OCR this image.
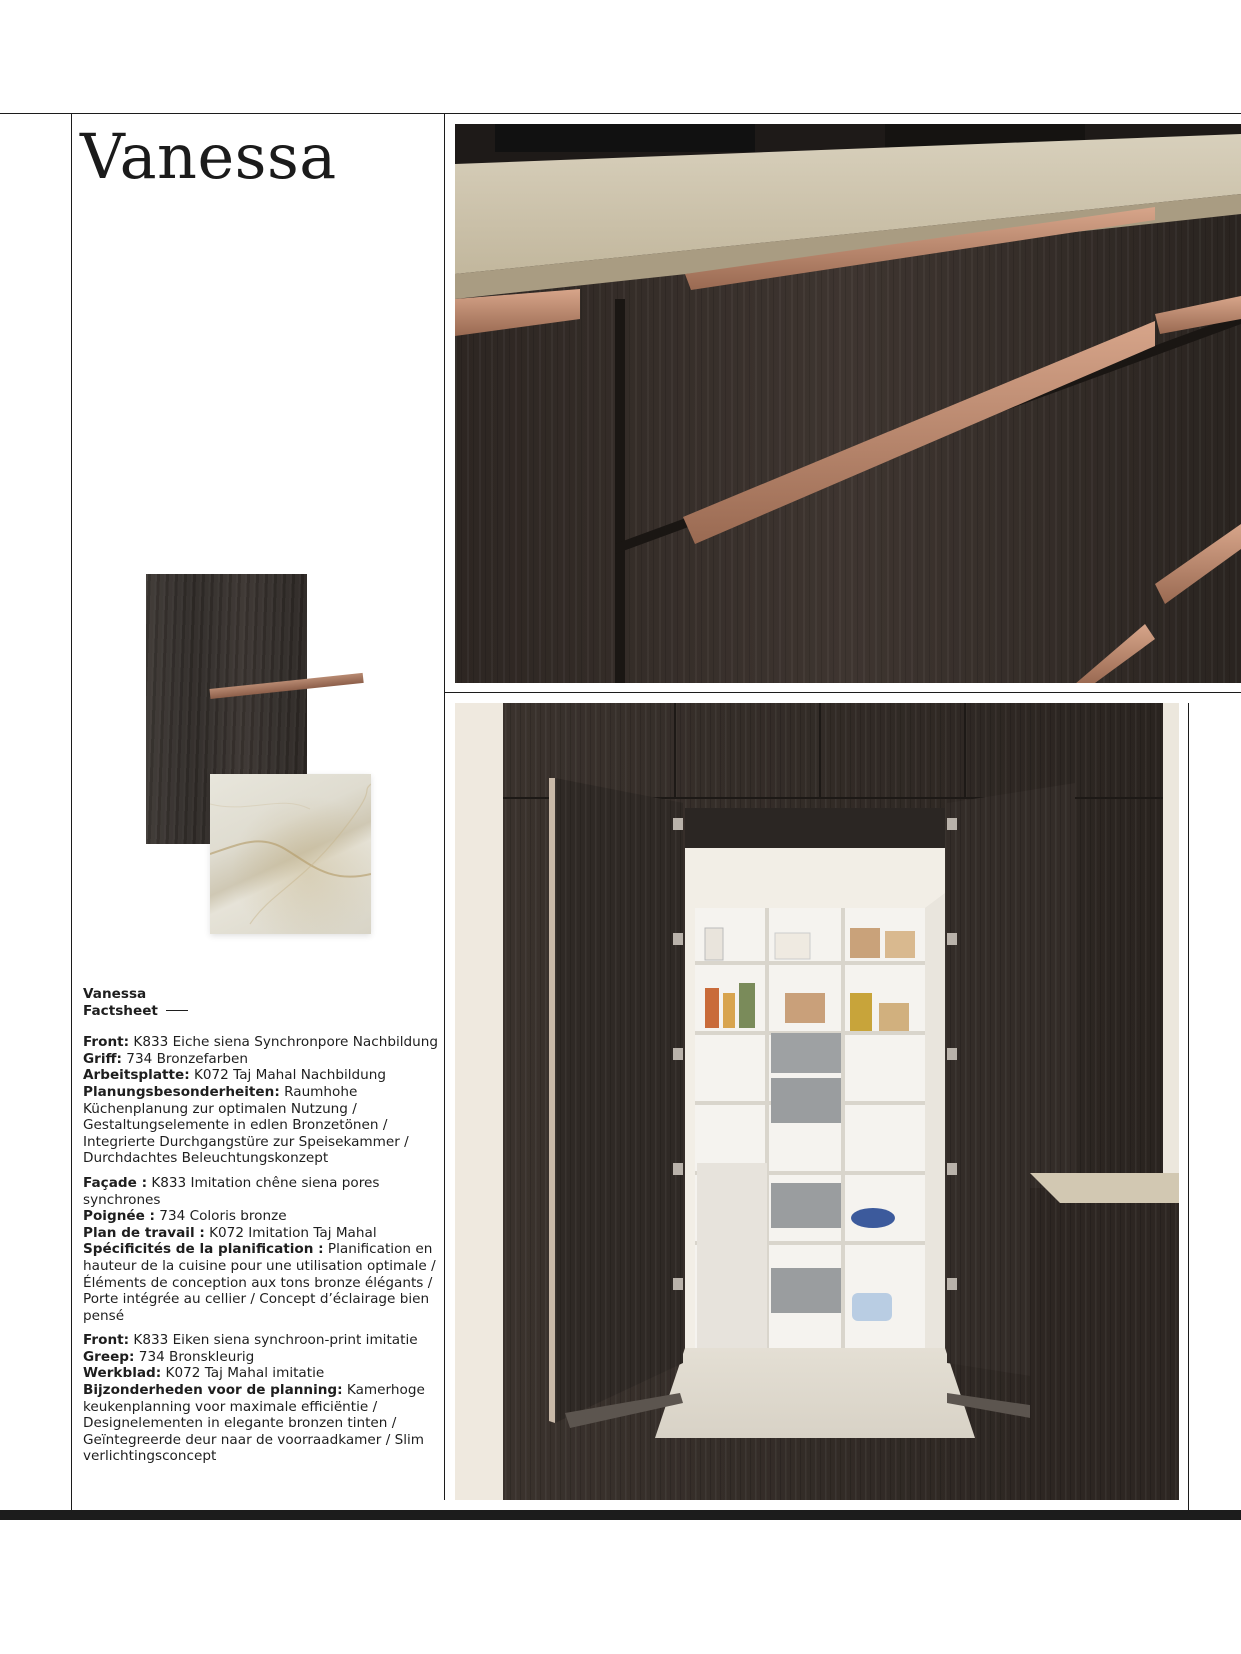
Vanessa
Vanessa
Factsheet
Front: K833 Eiche siena Synchronpore Nachbildung
Griff: 734 Bronzefarben
Arbeitsplatte: K072 Taj Mahal Nachbildung
Planungsbesonderheiten: Raumhohe Küchenplanung zur optimalen Nutzung / Gestaltungselemente in edlen Bronzetönen / Integrierte Durchgangstüre zur Speisekammer / Durchdachtes Beleuchtungskonzept
Façade : K833 Imitation chêne siena pores synchrones
Poignée : 734 Coloris bronze
Plan de travail : K072 Imitation Taj Mahal
Spécificités de la planification : Planification en hauteur de la cuisine pour une utilisation optimale / Éléments de conception aux tons bronze élégants / Porte intégrée au cellier / Concept d’éclairage bien pensé
Front: K833 Eiken siena synchroon-print imitatie
Greep: 734 Bronskleurig
Werkblad: K072 Taj Mahal imitatie
Bijzonderheden voor de planning: Kamerhoge keukenplanning voor maximale efficiëntie / Designelementen in elegante bronzen tinten / Geïntegreerde deur naar de voorraadkamer / Slim verlichtingsconcept
